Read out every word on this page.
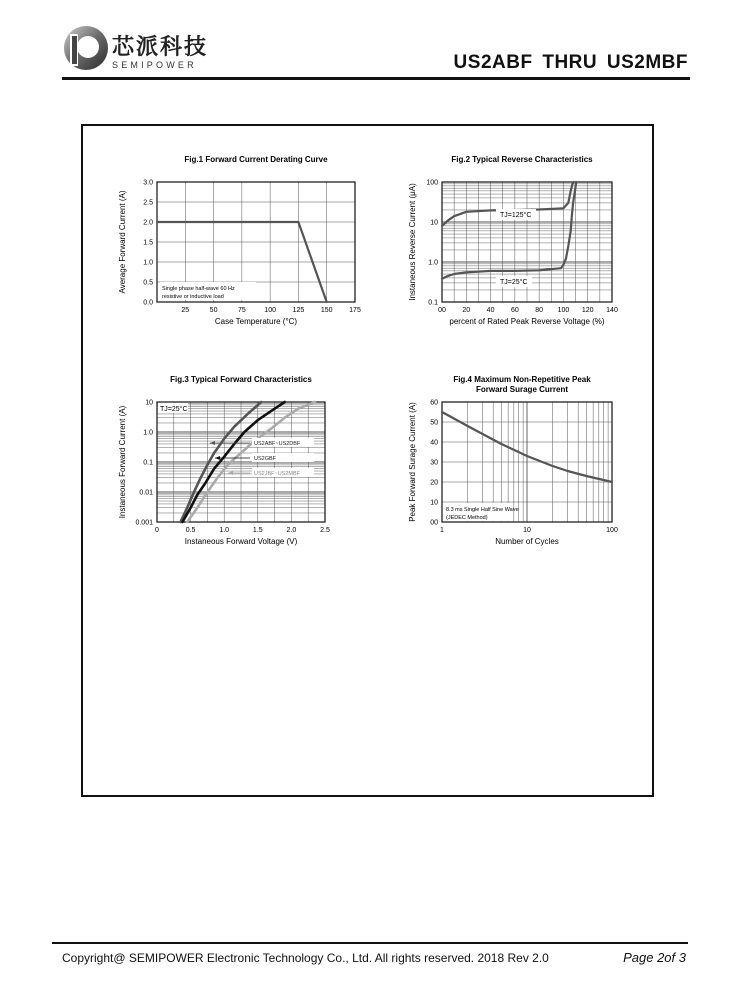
芯派科技
SEMIPOWER	US2ABF THRU US2MBF
Fig.1 Forward Current Derating Curve
25	50	75	100 125 150 175
0.0
0.5
1.0
1.5
2.0
2.5
3.0
Case Temperature (°C)
Average Forward Current (A)	Single phase half-wave 60 Hz
resistive or inductive load
Fig.2 Typical Reverse Characteristics
00 20 40 60 80 100 120 140
0.1
1.0
10
100
percent of Rated Peak Reverse Voltage (%)
Instaneous Reverse Current (μA)	TJ=125°C
TJ=25°C
Fig.3 Typical Forward Characteristics
0	0.5	1.0	1.5	2.0	2.5
0.001
0.01
0.1
1.0
10
Instaneous Forward Voltage (V)
Instaneous Forward Current (A)	TJ=25°C
US2ABF~US2DBF
US2GBF
US2JBF~US2MBF
Fig.4 Maximum Non-Repetitive Peak
Forward Surage Current
1	10	100
00
10
20
30
40
50
60
Number of Cycles
Peak Forward Surage Current (A)	8.3 ms Single Half Sine Wave
(JEDEC Method)
Copyright@ SEMIPOWER Electronic Technology Co., Ltd. All rights reserved. 2018 Rev 2.0	Page 2of 3
